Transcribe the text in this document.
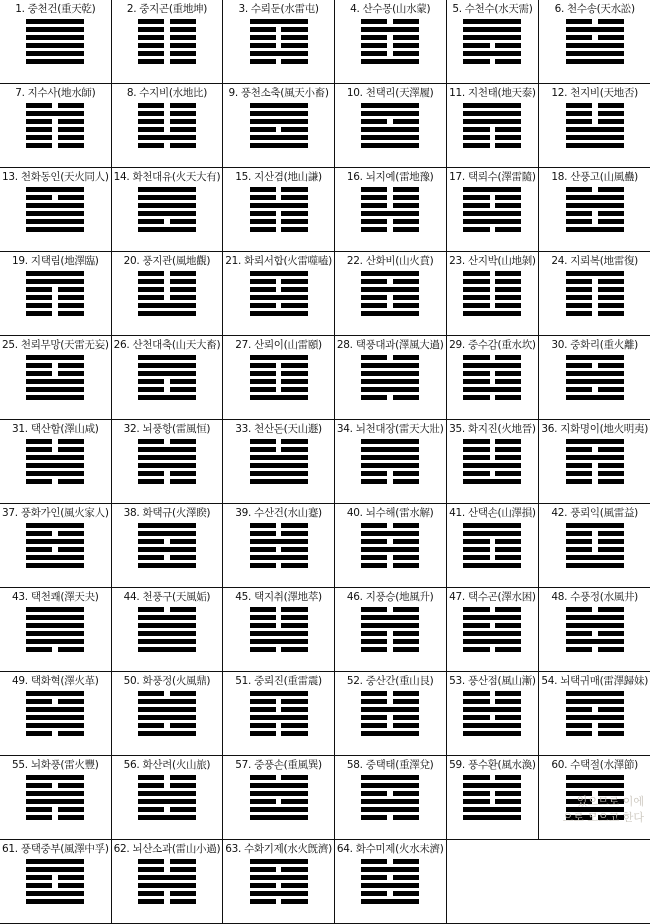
1. 중천건(重天乾)	2. 중지곤(重地坤)	3. 수뢰둔(水雷屯)	4. 산수몽(山水蒙)	5. 수천수(水天需)	6. 천수송(天水訟)
7. 지수사(地水師)	8. 수지비(水地比)	9. 풍천소축(風天小畜)	10. 천택리(天澤履)	11. 지천태(地天泰)	12. 천지비(天地否)
13. 천화동인(天火同人) 14. 화천대유(火天大有)	15. 지산겸(地山謙)	16. 뇌지예(雷地豫)	17. 택뢰수(澤雷隨)	18. 산풍고(山風蠱)
19. 지택림(地澤臨)	20. 풍지관(風地觀)	21. 화뢰서합(火雷噬嗑)	22. 산화비(山火賁)	23. 산지박(山地剝)	24. 지뢰복(地雷復)
25. 천뢰무망(天雷无妄) 26. 산천대축(山天大畜)	27. 산뢰이(山雷頤)	28. 택풍대과(澤風大過) 29. 중수감(重水坎)	30. 중화리(重火離)
31. 택산함(澤山咸)	32. 뇌풍항(雷風恒)	33. 천산돈(天山遯)	34. 뇌천대장(雷天大壯) 35. 화지진(火地晉) 36. 지화명이(地火明夷)
37. 풍화가인(風火家人)	38. 화택규(火澤睽)	39. 수산건(水山蹇)	40. 뇌수해(雷水解)	41. 산택손(山澤損)	42. 풍뢰익(風雷益)
43. 택천쾌(澤天夬)	44. 천풍구(天風姤)	45. 택지취(澤地萃)	46. 지풍승(地風升)	47. 택수곤(澤水困)	48. 수풍정(水風井)
49. 택화혁(澤火革)	50. 화풍정(火風鼎)	51. 중뢰진(重雷震)	52. 중산간(重山艮)	53. 풍산점(風山漸) 54. 뇌택귀매(雷澤歸妹)
55. 뇌화풍(雷火豐)	56. 화산려(火山旅)	57. 중풍손(重風巽)	58. 중택태(重澤兌)	59. 풍수환(風水渙)	60. 수택절(水澤節)
61. 풍택중부(風澤中孚) 62. 뇌산소과(雷山小過) 63. 수화기제(水火旣濟) 64. 화수미제(火水未濟)
있으므로 이에
으로 모으고 한다
